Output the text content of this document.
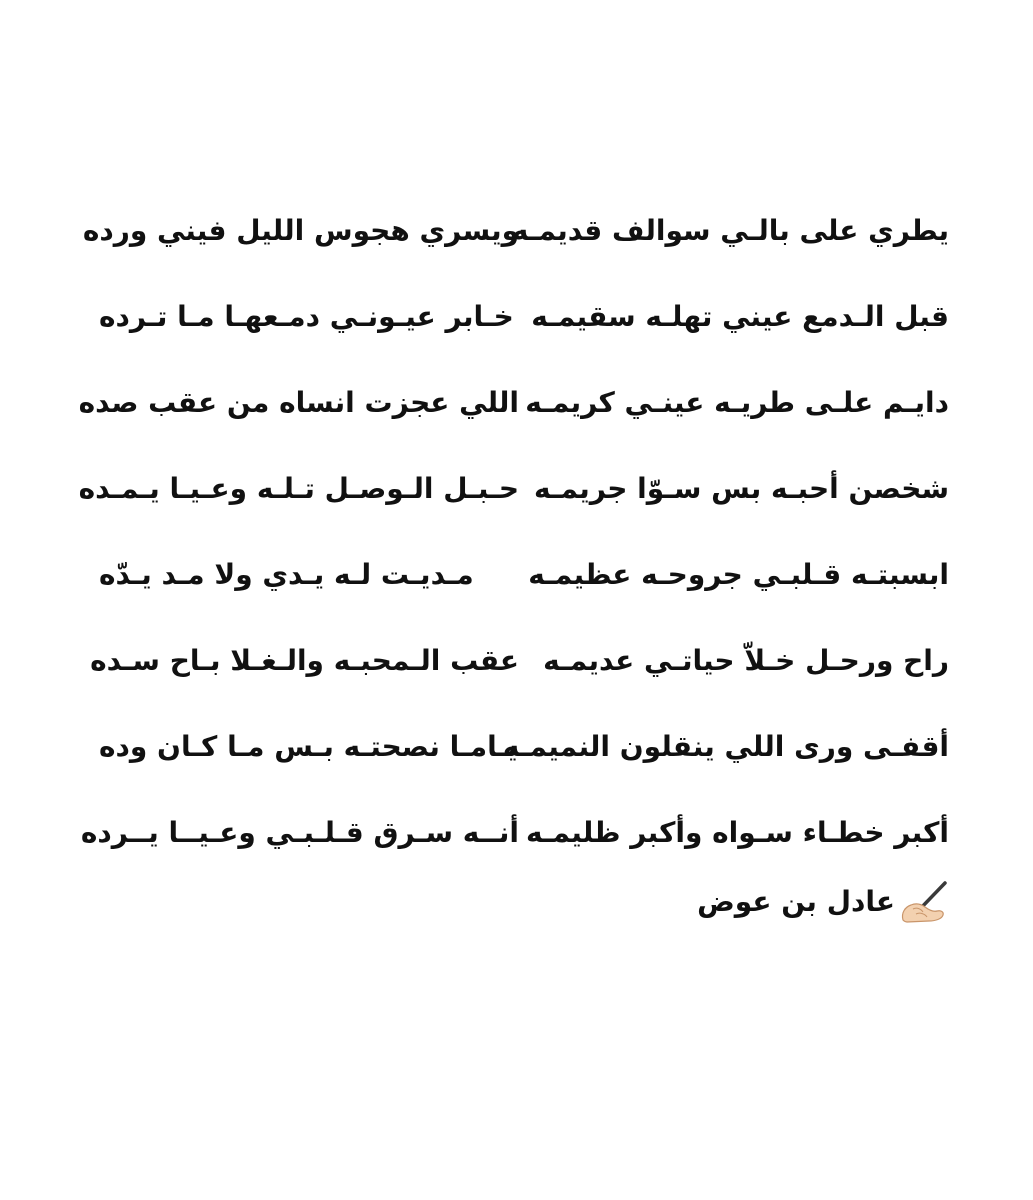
يطري على بالـي سوالف قديمـه
ويسري هجوس الليل فيني ورده
قبل الـدمع عيني تهلـه سقيمـه
خـابر عيـونـي دمـعهـا مـا تـرده
دايـم علـى طريـه عينـي كريمـه
اللي عجزت انساه من عقب صده
شخصن أحبـه بس سـوّا جريمـه
حـبـل الـوصـل تـلـه وعـيـا يـمـده
ابسبتـه قـلبـي جروحـه عظيمـه
مـديـت لـه يـدي ولا مـد يـدّه
راح ورحـل خـلاّ حياتـي عديمـه
عقب الـمحبـه والـغـلا بـاح سـده
أقفـى ورى اللي ينقلون النميمـه
يـامـا نصحتـه بـس مـا كـان وده
أكبر خطـاء سـواه وأكبر ظليمـه
أنــه سـرق قـلـبـي وعـيــا يــرده
عادل بن عوض
